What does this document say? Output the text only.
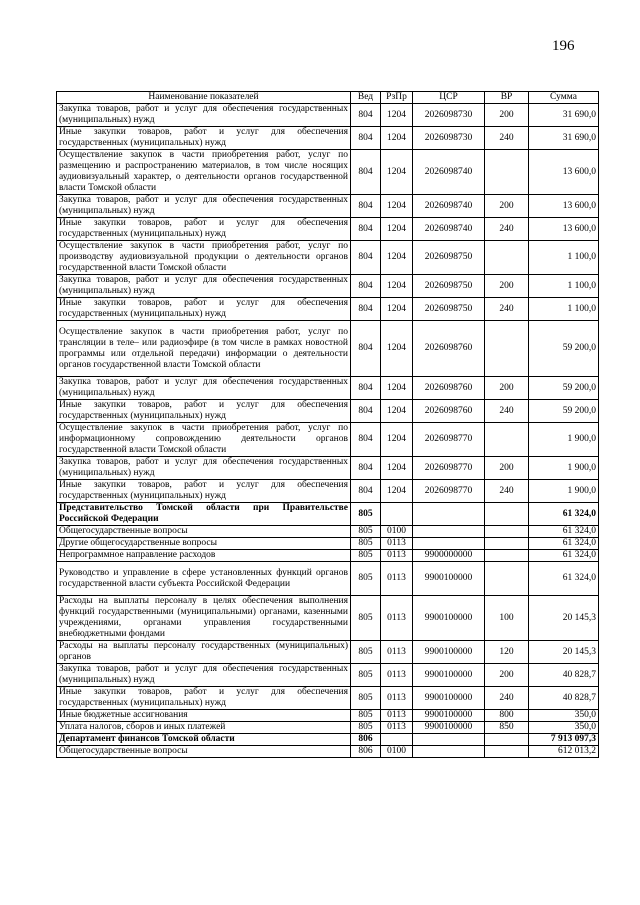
196
Наименование показателей	Вед	РзПр	ЦСР	ВР	Сумма
Закупка товаров, работ и услуг для обеспечения государственных (муниципальных) нужд	804	1204	2026098730	200	31 690,0
Иные закупки товаров, работ и услуг для обеспечения государственных (муниципальных) нужд	804	1204	2026098730	240	31 690,0
Осуществление закупок в части приобретения работ, услуг по размещению и распространению материалов, в том числе носящих аудиовизуальный характер, о деятельности органов государственной власти Томской области	804	1204	2026098740		13 600,0
Закупка товаров, работ и услуг для обеспечения государственных (муниципальных) нужд	804	1204	2026098740	200	13 600,0
Иные закупки товаров, работ и услуг для обеспечения государственных (муниципальных) нужд	804	1204	2026098740	240	13 600,0
Осуществление закупок в части приобретения работ, услуг по производству аудиовизуальной продукции о деятельности органов государственной власти Томской области	804	1204	2026098750		1 100,0
Закупка товаров, работ и услуг для обеспечения государственных (муниципальных) нужд	804	1204	2026098750	200	1 100,0
Иные закупки товаров, работ и услуг для обеспечения государственных (муниципальных) нужд	804	1204	2026098750	240	1 100,0
Осуществление закупок в части приобретения работ, услуг по трансляции в теле– или радиоэфире (в том числе в рамках новостной программы или отдельной передачи) информации о деятельности органов государственной власти Томской области	804	1204	2026098760		59 200,0
Закупка товаров, работ и услуг для обеспечения государственных (муниципальных) нужд	804	1204	2026098760	200	59 200,0
Иные закупки товаров, работ и услуг для обеспечения государственных (муниципальных) нужд	804	1204	2026098760	240	59 200,0
Осуществление закупок в части приобретения работ, услуг по информационному сопровождению деятельности органов государственной власти Томской области	804	1204	2026098770		1 900,0
Закупка товаров, работ и услуг для обеспечения государственных (муниципальных) нужд	804	1204	2026098770	200	1 900,0
Иные закупки товаров, работ и услуг для обеспечения государственных (муниципальных) нужд	804	1204	2026098770	240	1 900,0
Представительство Томской области при Правительстве Российской Федерации	805				61 324,0
Общегосударственные вопросы	805	0100			61 324,0
Другие общегосударственные вопросы	805	0113			61 324,0
Непрограммное направление расходов	805	0113	9900000000		61 324,0
Руководство и управление в сфере установленных функций органов государственной власти субъекта Российской Федерации	805	0113	9900100000		61 324,0
Расходы на выплаты персоналу в целях обеспечения выполнения функций государственными (муниципальными) органами, казенными учреждениями, органами управления государственными внебюджетными фондами	805	0113	9900100000	100	20 145,3
Расходы на выплаты персоналу государственных (муниципальных) органов	805	0113	9900100000	120	20 145,3
Закупка товаров, работ и услуг для обеспечения государственных (муниципальных) нужд	805	0113	9900100000	200	40 828,7
Иные закупки товаров, работ и услуг для обеспечения государственных (муниципальных) нужд	805	0113	9900100000	240	40 828,7
Иные бюджетные ассигнования	805	0113	9900100000	800	350,0
Уплата налогов, сборов и иных платежей	805	0113	9900100000	850	350,0
Департамент финансов Томской области	806				7 913 097,3
Общегосударственные вопросы	806	0100			612 013,2
